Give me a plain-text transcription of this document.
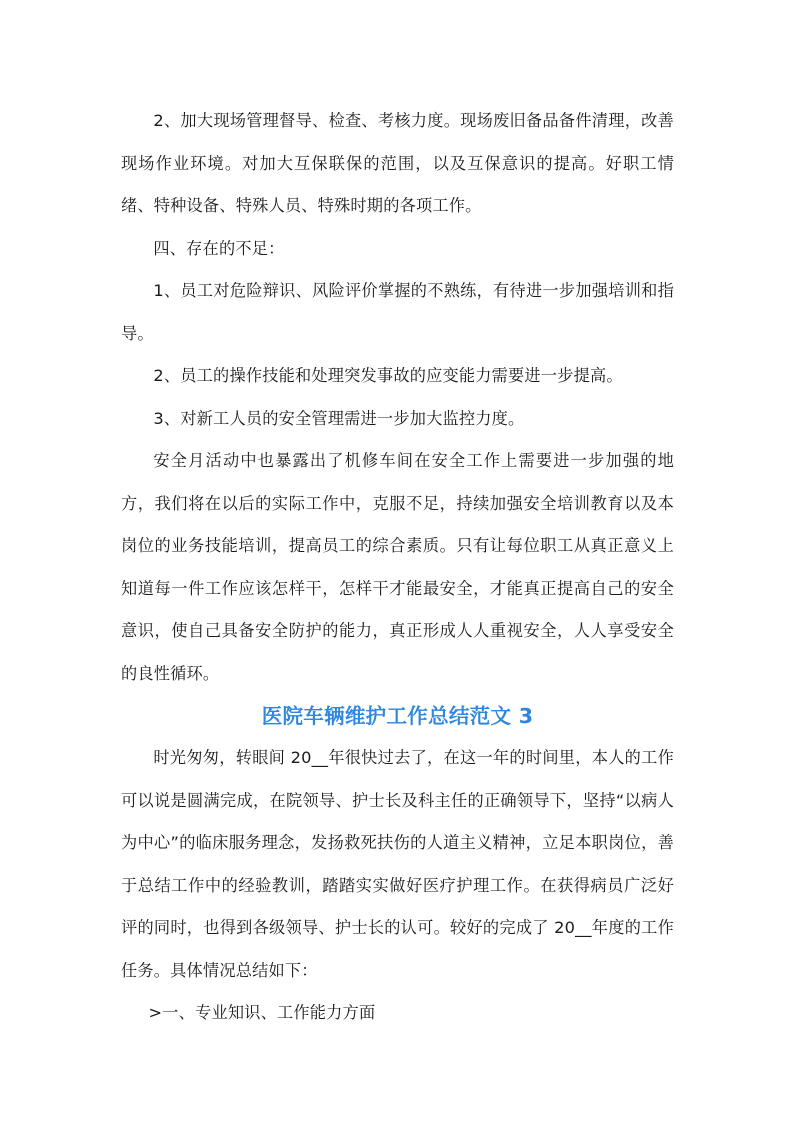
2、加大现场管理督导、检查、考核力度。现场废旧备品备件清理，改善现场作业环境。对加大互保联保的范围，以及互保意识的提高。好职工情绪、特种设备、特殊人员、特殊时期的各项工作。

四、存在的不足：

1、员工对危险辩识、风险评价掌握的不熟练，有待进一步加强培训和指导。

2、员工的操作技能和处理突发事故的应变能力需要进一步提高。

3、对新工人员的安全管理需进一步加大监控力度。

安全月活动中也暴露出了机修车间在安全工作上需要进一步加强的地方，我们将在以后的实际工作中，克服不足，持续加强安全培训教育以及本岗位的业务技能培训，提高员工的综合素质。只有让每位职工从真正意义上知道每一件工作应该怎样干，怎样干才能最安全，才能真正提高自己的安全意识，使自己具备安全防护的能力，真正形成人人重视安全，人人享受安全的良性循环。

医院车辆维护工作总结范文 3

时光匆匆，转眼间 20__年很快过去了，在这一年的时间里，本人的工作可以说是圆满完成，在院领导、护士长及科主任的正确领导下，坚持“以病人为中心”的临床服务理念，发扬救死扶伤的人道主义精神，立足本职岗位，善于总结工作中的经验教训，踏踏实实做好医疗护理工作。在获得病员广泛好评的同时，也得到各级领导、护士长的认可。较好的完成了 20__年度的工作任务。具体情况总结如下：

>一、专业知识、工作能力方面
